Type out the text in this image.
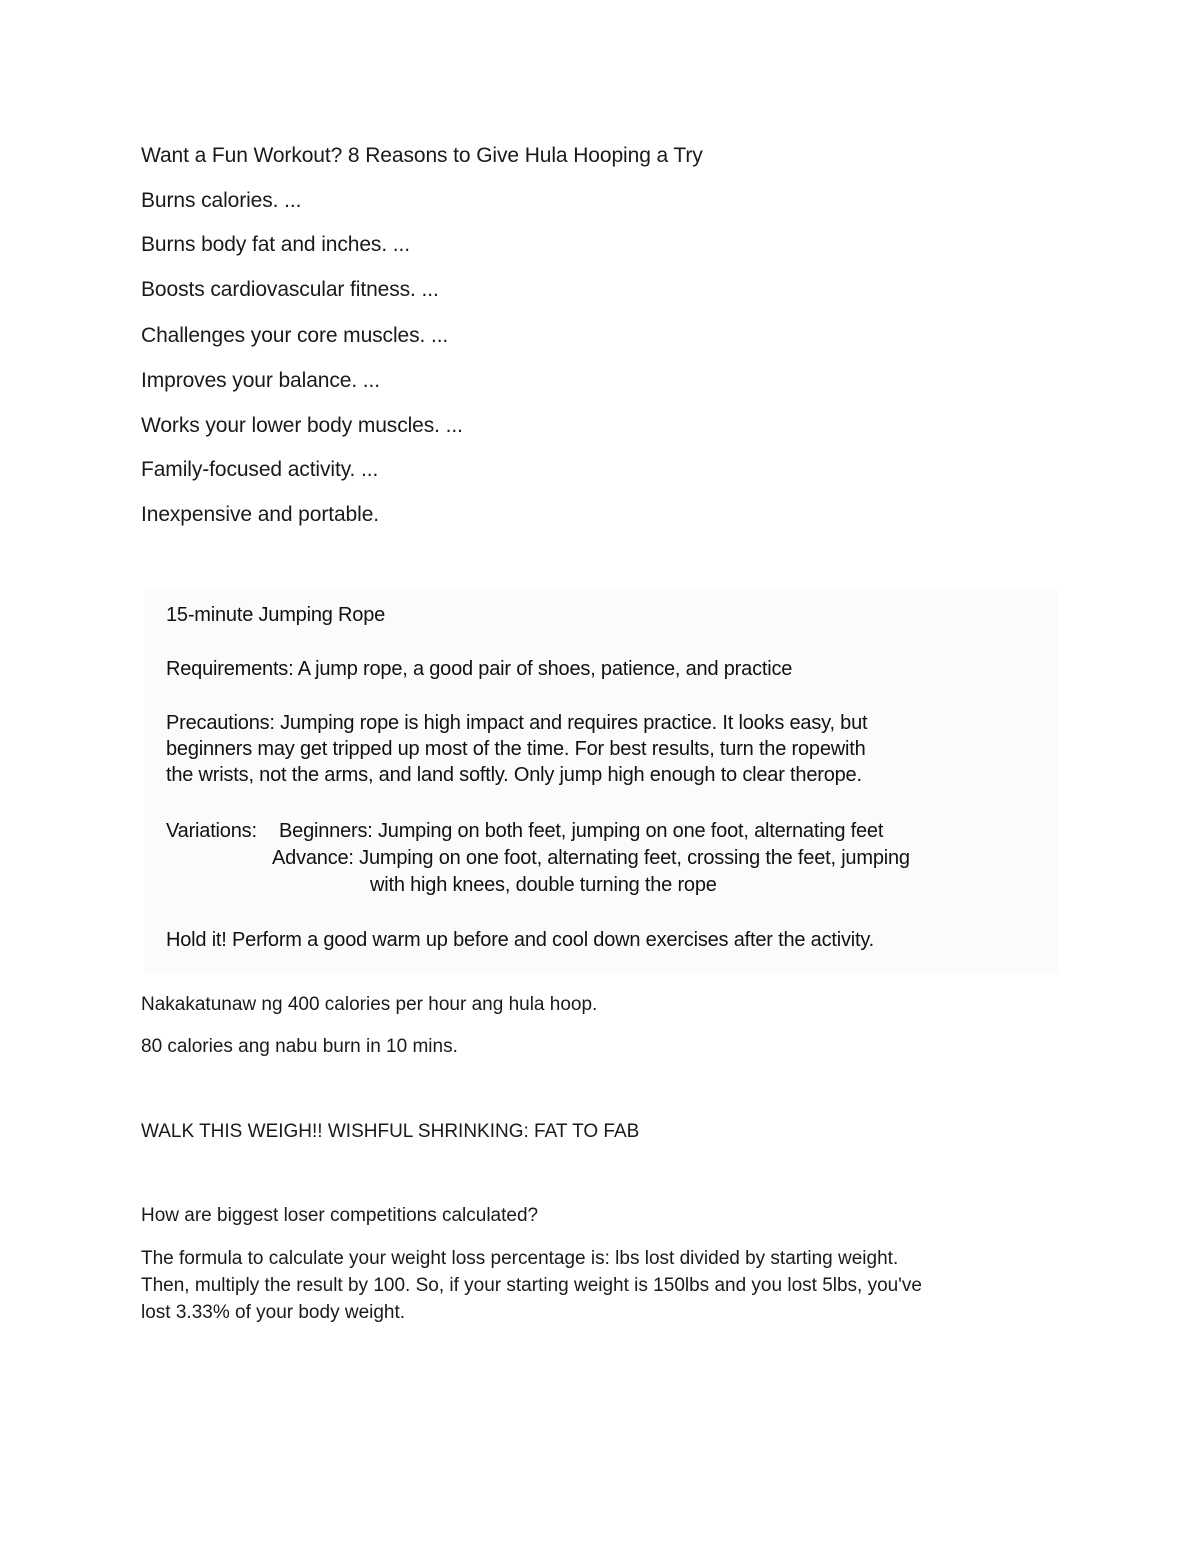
Want a Fun Workout? 8 Reasons to Give Hula Hooping a Try
Burns calories. ...
Burns body fat and inches. ...
Boosts cardiovascular fitness. ...
Challenges your core muscles. ...
Improves your balance. ...
Works your lower body muscles. ...
Family-focused activity. ...
Inexpensive and portable.
15-minute Jumping Rope
Requirements: A jump rope, a good pair of shoes, patience, and practice
Precautions: Jumping rope is high impact and requires practice. It looks easy, but
beginners may get tripped up most of the time. For best results, turn the ropewith
the wrists, not the arms, and land softly. Only jump high enough to clear therope.
Variations: Beginners: Jumping on both feet, jumping on one foot, alternating feet
Advance: Jumping on one foot, alternating feet, crossing the feet, jumping
with high knees, double turning the rope
Hold it! Perform a good warm up before and cool down exercises after the activity.
Nakakatunaw ng 400 calories per hour ang hula hoop.
80 calories ang nabu burn in 10 mins.
WALK THIS WEIGH!! WISHFUL SHRINKING: FAT TO FAB
How are biggest loser competitions calculated?

The formula to calculate your weight loss percentage is: lbs lost divided by starting weight.

Then, multiply the result by 100. So, if your starting weight is 150lbs and you lost 5lbs, you've

lost 3.33% of your body weight.
